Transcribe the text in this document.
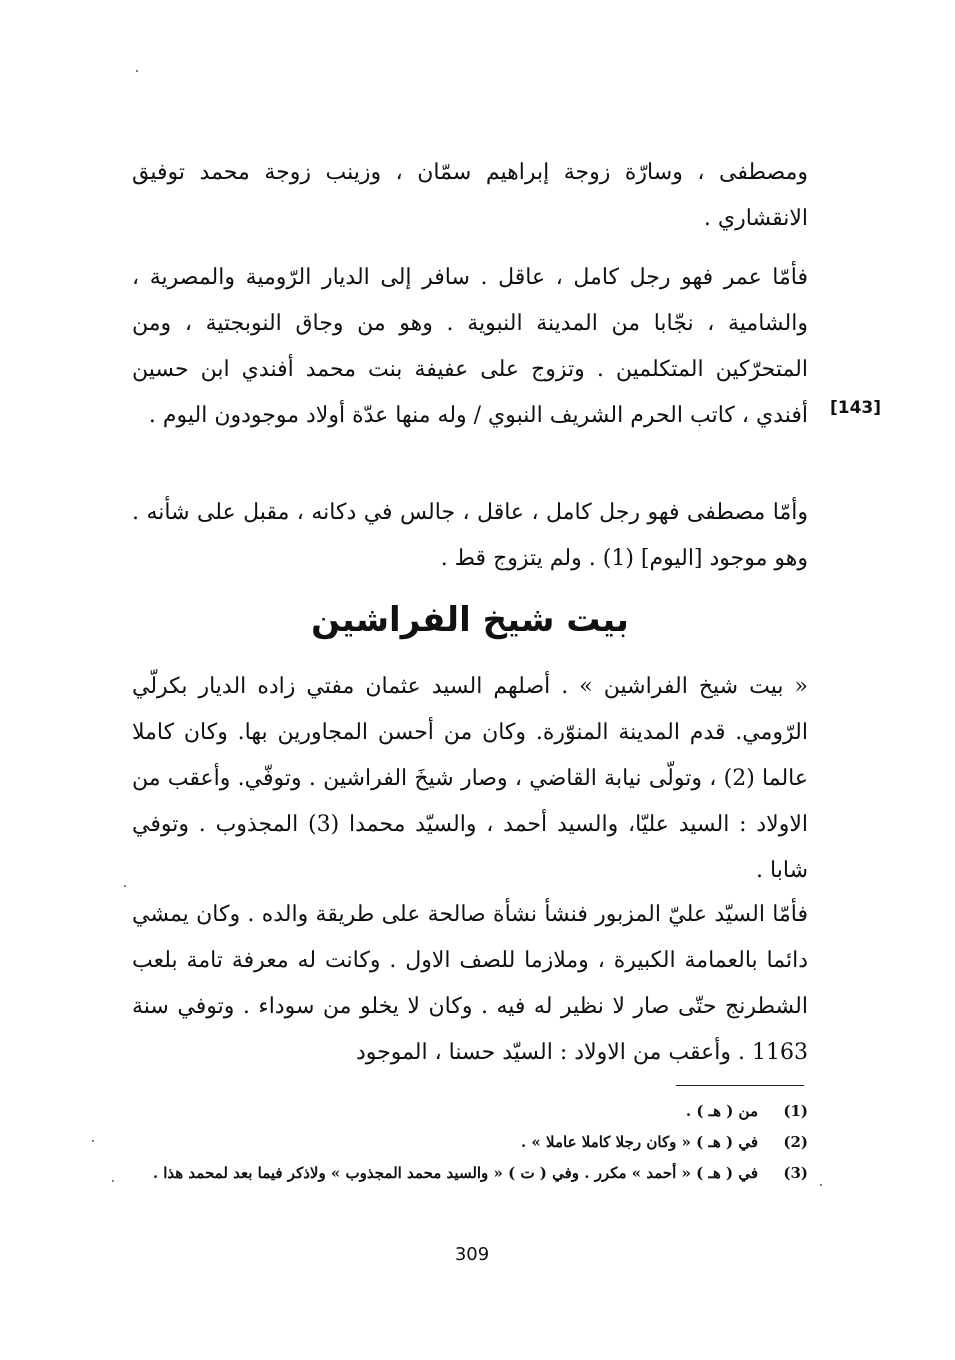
ومصطفى ، وسارّة زوجة إبراهيم سمّان ، وزينب زوجة محمد توفيق الانقشاري .

فأمّا عمر فهو رجل كامل ، عاقل . سافر إلى الديار الرّومية والمصرية ، والشامية ، نجّابا من المدينة النبوية . وهو من وجاق النوبجتية ، ومن المتحرّكين المتكلمين . وتزوج على عفيفة بنت محمد أفندي ابن حسين أفندي ، كاتب الحرم الشريف النبوي / وله منها عدّة أولاد موجودون اليوم . [143]

وأمّا مصطفى فهو رجل كامل ، عاقل ، جالس في دكانه ، مقبل على شأنه . وهو موجود [اليوم] (1) . ولم يتزوج قط .

بيت شيخ الفراشين

« بيت شيخ الفراشين » . أصلهم السيد عثمان مفتي زاده الديار بكرلّي الرّومي. قدم المدينة المنوّرة. وكان من أحسن المجاورين بها. وكان كاملا عالما (2) ، وتولّى نيابة القاضي ، وصار شيخَ الفراشين . وتوفّي. وأعقب من الاولاد : السيد عليّا، والسيد أحمد ، والسيّد محمدا (3) المجذوب . وتوفي شابا .

فأمّا السيّد عليّ المزبور فنشأ نشأة صالحة على طريقة والده . وكان يمشي دائما بالعمامة الكبيرة ، وملازما للصف الاول . وكانت له معرفة تامة بلعب الشطرنج حتّى صار لا نظير له فيه . وكان لا يخلو من سوداء . وتوفي سنة 1163 . وأعقب من الاولاد : السيّد حسنا ، الموجود

(1)
من ( هـ ) .
(2)
في ( هـ ) « وكان رجلا كاملا عاملا » .
(3)
في ( هـ ) « أحمد » مكرر . وفي ( ت ) « والسيد محمد المجذوب » ولاذكر فيما بعد لمحمد هذا .
309
